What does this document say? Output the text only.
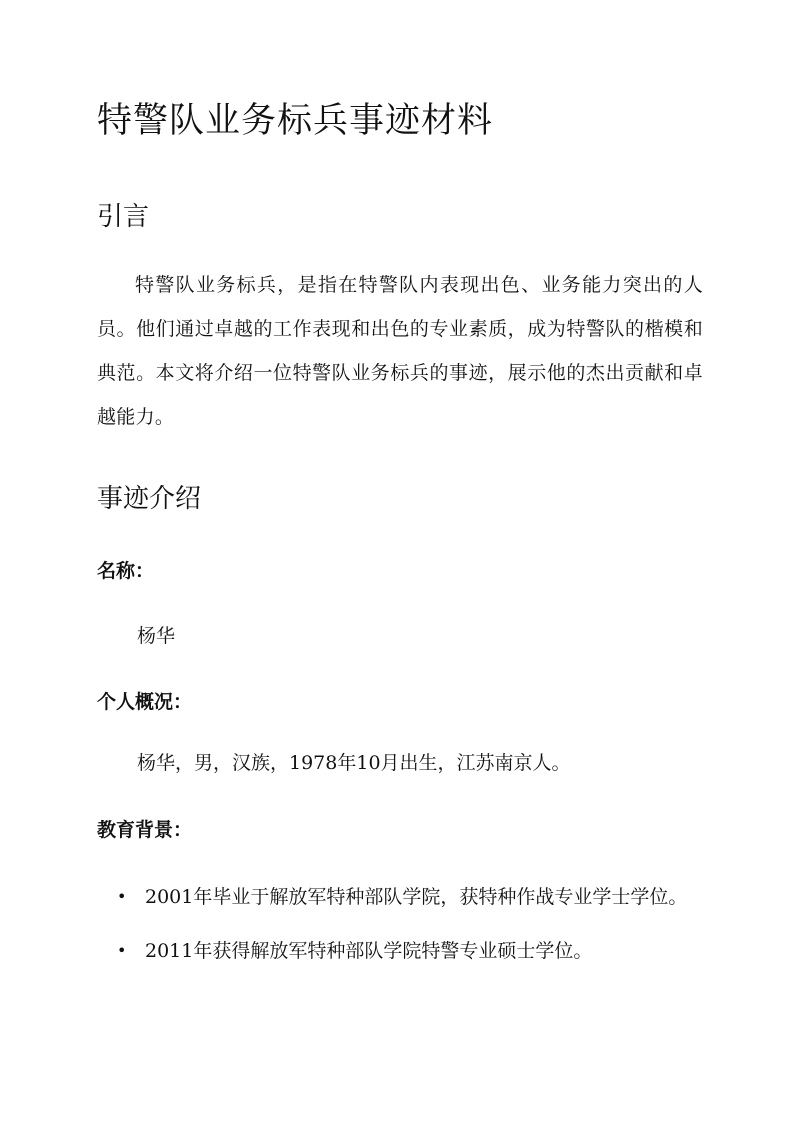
特警队业务标兵事迹材料
引言

特警队业务标兵，是指在特警队内表现出色、业务能力突出的人员。他们通过卓越的工作表现和出色的专业素质，成为特警队的楷模和典范。本文将介绍一位特警队业务标兵的事迹，展示他的杰出贡献和卓越能力。

事迹介绍

名称：

杨华

个人概况：

杨华，男，汉族，1978年10月出生，江苏南京人。

教育背景：

• 2001年毕业于解放军特种部队学院，获特种作战专业学士学位。
• 2011年获得解放军特种部队学院特警专业硕士学位。
